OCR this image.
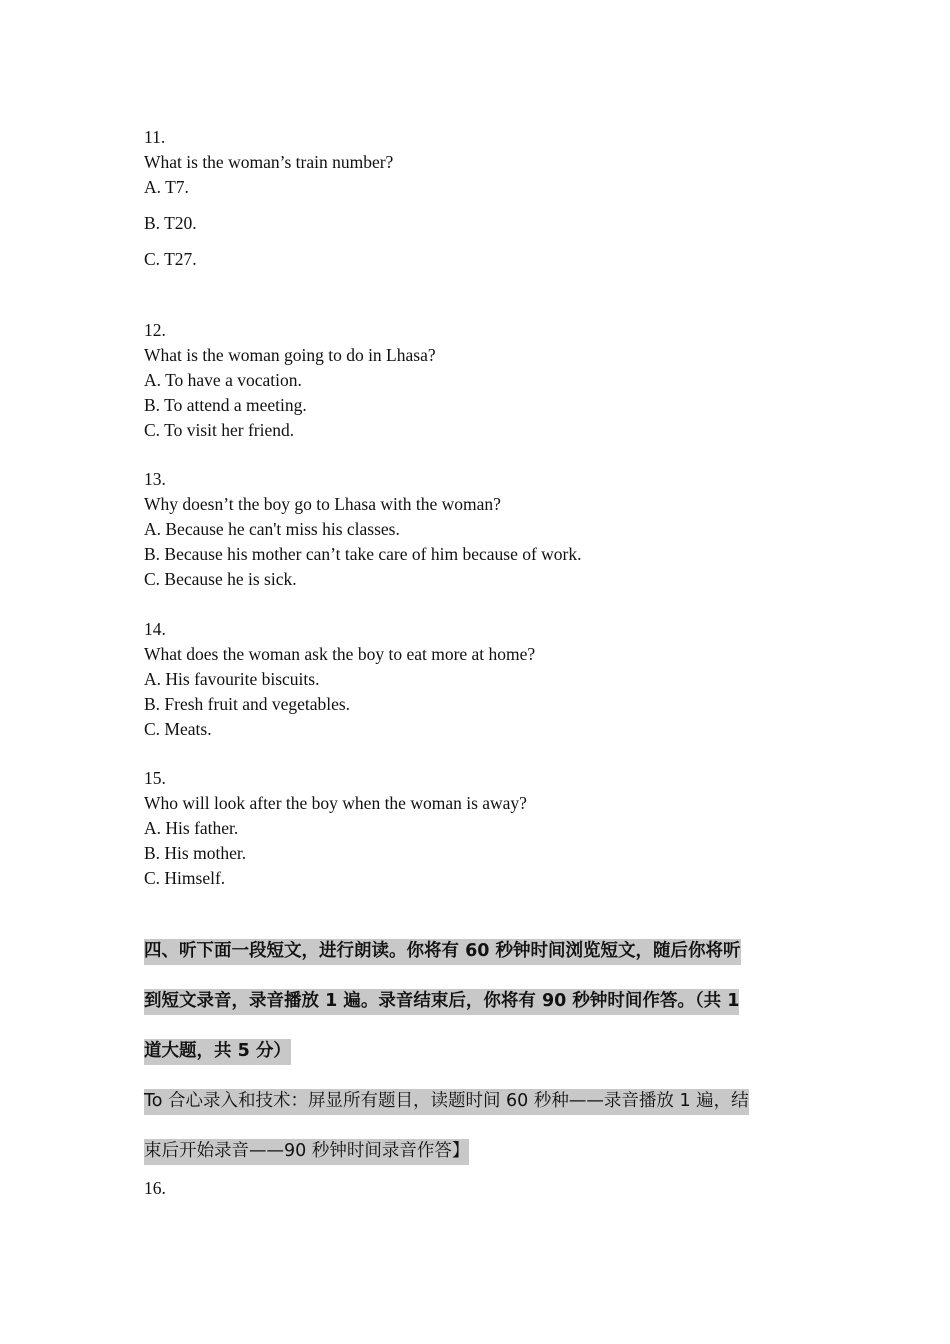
11.
What is the woman’s train number?
A. T7.
B. T20.
C. T27.
12.
What is the woman going to do in Lhasa?
A. To have a vocation.
B. To attend a meeting.
C. To visit her friend.
13.
Why doesn’t the boy go to Lhasa with the woman?
A. Because he can't miss his classes.
B. Because his mother can’t take care of him because of work.
C. Because he is sick.
14.
What does the woman ask the boy to eat more at home?
A. His favourite biscuits.
B. Fresh fruit and vegetables.
C. Meats.
15.
Who will look after the boy when the woman is away?
A. His father.
B. His mother.
C. Himself.
四、听下面一段短文，进行朗读。你将有 60 秒钟时间浏览短文，随后你将听
到短文录音，录音播放 1 遍。录音结束后，你将有 90 秒钟时间作答。（共 1
道大题，共 5 分）
To 合心录入和技术：屏显所有题目，读题时间 60 秒种——录音播放 1 遍，结
束后开始录音——90 秒钟时间录音作答】
16.
